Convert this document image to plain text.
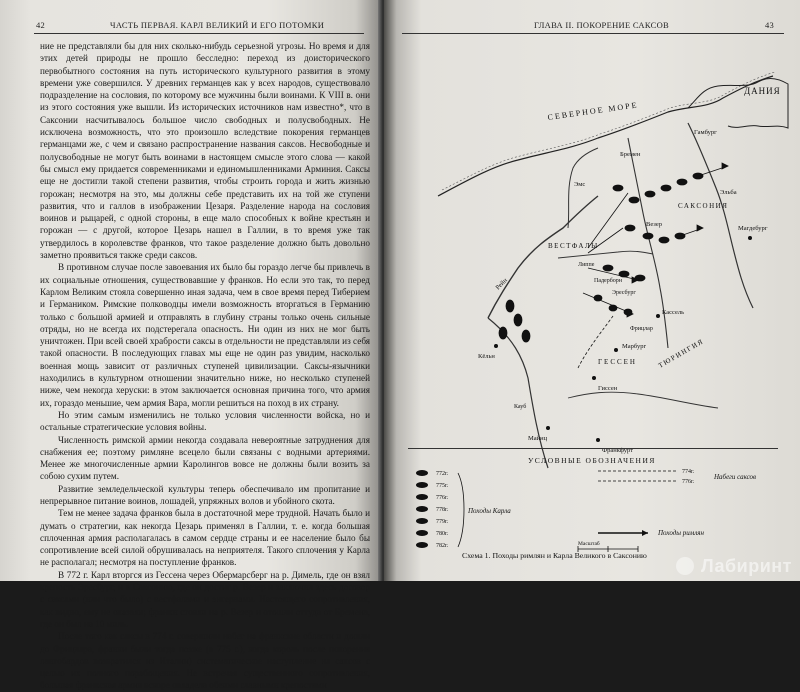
42	ЧАСТЬ ПЕРВАЯ. КАРЛ ВЕЛИКИЙ И ЕГО ПОТОМКИ

ние не представляли бы для них сколько-нибудь серьезной угрозы. Но время и для этих детей природы не прошло бесследно: переход из доисторического первобытного состояния на путь исторического культурного развития в этому времени уже совершился. У древних германцев как у всех народов, существовало подразделение на сословия, по которому все мужчины были воинами. К VIII в. они из этого состояния уже вышли. Из исторических источников нам известно*, что в Саксонии насчитывалось большое число свободных и полусвободных. Не исключена возможность, что это произошло вследствие покорения германцев германцами же, с чем и связано распространение названия саксов. Несвободные и полусвободные не могут быть воинами в настоящем смысле этого слова — какой бы смысл ему придается современниками и единомышленниками Арминия. Саксы еще не достигли такой степени развития, чтобы строить города и жить жизнью горожан; несмотря на это, мы должны себе представить их на той же ступени развития, что и галлов в изображении Цезаря. Разделение народа на сословия воинов и рыцарей, с одной стороны, в еще мало способных к войне крестьян и горожан — с другой, которое Цезарь нашел в Галлии, в то время уже так утвердилось в королевстве франков, что такое разделение должно быть довольно заметно проявиться также среди саксов.

В противном случае после завоевания их было бы гораздо легче бы привлечь в их социальные отношения, существовавшие у франков. Но если это так, то перед Карлом Великим стояла совершенно иная задача, чем в свое время перед Тиберием и Германиком. Римские полководцы имели возможность вторгаться в Германию только с большой армией и отправлять в глубину страны только очень сильные отряды, но не всегда их подстерегала опасность. Ни один из них не мог быть уничтожен. При всей своей храбрости саксы в отдельности не представляли из себя такой опасности. В последующих главах мы еще не один раз увидим, насколько военная мощь зависит от различных ступеней цивилизации. Саксы-язычники находились в культурном отношении значительно ниже, но несколько ступеней ниже, чем некогда херуски: в этом заключается основная причина того, что армия их, гораздо меньшие, чем армия Вара, могли решиться на поход в их страну.

Но этим самым изменились не только условия численности войска, но и остальные стратегические условия войны.

Численность римской армии некогда создавала невероятные затруднения для снабжения ее; поэтому римляне всецело были связаны с водными артериями. Менее же многочисленные армии Каролингов вовсе не должны были возить за собою сухим путем.

Развитие земледельческой культуры теперь обеспечивало им пропитание и непрерывное питание воинов, лошадей, упряжных волов и убойного скота.

Тем не менее задача франков была в достаточной мере трудной. Начать было и думать о стратегии, как некогда Цезарь применял в Галлии, т. е. когда большая сплоченная армия располагалась в самом сердце страны и ее население было бы сопротивление всей силой обрушивалась на неприятеля. Такого сплочения у Карла не располагал; несмотря на поступление франков.

В 772 г. Карл вторгся из Гессена через Обермарсберг на р. Димель, где он взял крепость Эресбург, и в Саксонию, где он достиг р. Везер и заключил здесь договор с саксами (или что было) с вестфалами и энгернами. Настоящего сопротивления, как видно, ему не оказали; франки стояли на р. Везер и отошли оттуда от Бремена, где он был на 10 миль.

После того как саксы в 774 г. совершили набег на франкские области и дошли до Фрицлара, франки были тогда позже (в 775 г.), когда король после покорения лангобардов возвратился из Италии) систематическое наступление на саксов с целью их полного порабощения. Не встречая существенного сопротивления, большая франкская армия вскоре овладела обеими главными крепостями

ГЛАВА II. ПОКОРЕНИЕ САКСОВ	43
СЕВЕРНОЕ МОРЕ
ДАНИЯ
Магдебург
ГЕССЕН	ТЮРИНГИЯ
ВЕСТФАЛЫ
САКСОНИЯ
Кёльн
Франкфурт
Марбург
Кассель
Гиссен
Майнц
Рейн
Эмс
Эльба
Везер
Гамбург
Бремен
Липпе
Фрицлар
Эресбург
Падерборн
Кауб
УСЛОВНЫЕ ОБОЗНАЧЕНИЯ
772г.
775г.
776г.
778г.
779г.
780г.
782г.
Походы Карла
774г.
776г.
Набеги саксов
Походы римлян
Масштаб
Схема 1. Походы римлян и Карла Великого в Саксонию
Лабиринт
